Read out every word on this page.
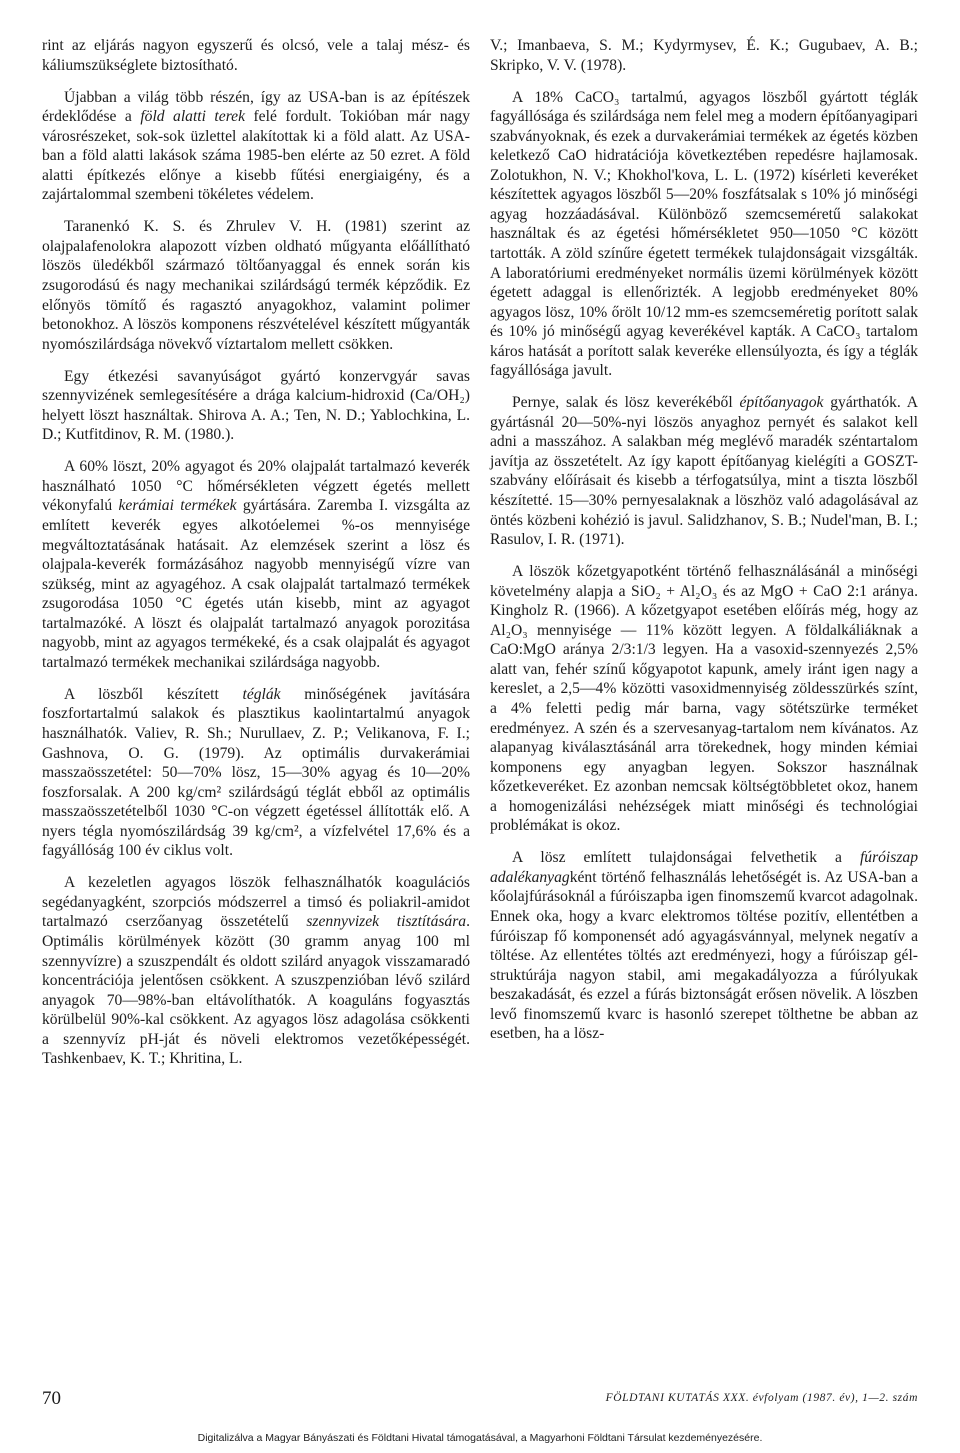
rint az eljárás nagyon egyszerű és olcsó, vele a talaj mész- és káliumszükséglete biztosítható.

Újabban a világ több részén, így az USA-ban is az építészek érdeklődése a föld alatti terek felé fordult. Tokióban már nagy városrészeket, sok-sok üzlettel alakítottak ki a föld alatt. Az USA-ban a föld alatti lakások száma 1985-ben elérte az 50 ezret. A föld alatti építkezés előnye a kisebb fűtési energiaigény, és a zajártalommal szembeni tökéletes védelem.

Taranenkó K. S. és Zhrulev V. H. (1981) szerint az olajpalafenolokra alapozott vízben oldható műgyanta előállítható löszös üledékből származó töltőanyaggal és ennek során kis zsugorodású és nagy mechanikai szilárdságú termék képződik. Ez előnyös tömítő és ragasztó anyagokhoz, valamint polimer betonokhoz. A löszös komponens részvételével készített műgyanták nyomószilárdsága növekvő víztartalom mellett csökken.

Egy étkezési savanyúságot gyártó konzervgyár savas szennyvizének semlegesítésére a drága kalcium-hidroxid (Ca/OH₂) helyett löszt használtak. Shirova A. A.; Ten, N. D.; Yablochkina, L. D.; Kutfitdinov, R. M. (1980.).

A 60% löszt, 20% agyagot és 20% olajpalát tartalmazó keverék használható 1050 °C hőmérsékleten végzett égetés mellett vékonyfalú kerámiai termékek gyártására. Zaremba I. vizsgálta az említett keverék egyes alkotóelemei %-os mennyisége megváltoztatásának hatásait. Az elemzések szerint a lösz és olajpala-keverék formázásához nagyobb mennyiségű vízre van szükség, mint az agyagéhoz. A csak olajpalát tartalmazó termékek zsugorodása 1050 °C égetés után kisebb, mint az agyagot tartalmazóké. A löszt és olajpalát tartalmazó anyagok porozitása nagyobb, mint az agyagos termékeké, és a csak olajpalát és agyagot tartalmazó termékek mechanikai szilárdsága nagyobb.

A löszből készített téglák minőségének javítására foszfortartalmú salakok és plasztikus kaolintartalmú anyagok használhatók. Valiev, R. Sh.; Nurullaev, Z. P.; Velikanova, F. I.; Gashnova, O. G. (1979). Az optimális durvakerámiai masszaösszetétel: 50—70% lösz, 15—30% agyag és 10—20% foszforsalak. A 200 kg/cm² szilárdságú téglát ebből az optimális masszaösszetételből 1030 °C-on végzett égetéssel állították elő. A nyers tégla nyomószilárdság 39 kg/cm², a vízfelvétel 17,6% és a fagyállóság 100 év ciklus volt.

A kezeletlen agyagos löszök felhasználhatók koagulációs segédanyagként, szorpciós módszerrel a timsó és poliakril-amidot tartalmazó cserzőanyag összetételű szennyvizek tisztítására. Optimális körülmények között (30 gramm anyag 100 ml szennyvízre) a szuszpendált és oldott szilárd anyagok visszamaradó koncentrációja jelentősen csökkent. A szuszpenzióban lévő szilárd anyagok 70—98%-ban eltávolíthatók. A koaguláns fogyasztás körülbelül 90%-kal csökkent. Az agyagos lösz adagolása csökkenti a szennyvíz pH-ját és növeli elektromos vezetőképességét. Tashkenbaev, K. T.; Khritina, L.

V.; Imanbaeva, S. M.; Kydyrmysev, É. K.; Gugubaev, A. B.; Skripko, V. V. (1978).

A 18% CaCO₃ tartalmú, agyagos löszből gyártott téglák fagyállósága és szilárdsága nem felel meg a modern építőanyagipari szabványoknak, és ezek a durvakerámiai termékek az égetés közben keletkező CaO hidratációja következtében repedésre hajlamosak. Zolotukhon, N. V.; Khokhol'kova, L. L. (1972) kísérleti keveréket készítettek agyagos löszből 5—20% foszfátsalak s 10% jó minőségi agyag hozzáadásával. Különböző szemcseméretű salakokat használtak és az égetési hőmérsékletet 950—1050 °C között tartották. A zöld színűre égetett termékek tulajdonságait vizsgálták. A laboratóriumi eredményeket normális üzemi körülmények között égetett adaggal is ellenőrizték. A legjobb eredményeket 80% agyagos lösz, 10% őrölt 10/12 mm-es szemcseméretig porított salak és 10% jó minőségű agyag keverékével kapták. A CaCO₃ tartalom káros hatását a porított salak keveréke ellensúlyozta, és így a téglák fagyállósága javult.

Pernye, salak és lösz keverékéből építőanyagok gyárthatók. A gyártásnál 20—50%-nyi löszös anyaghoz pernyét és salakot kell adni a masszához. A salakban még meglévő maradék széntartalom javítja az összetételt. Az így kapott építőanyag kielégíti a GOSZT-szabvány előírásait és kisebb a térfogatsúlya, mint a tiszta löszből készítetté. 15—30% pernyesalaknak a löszhöz való adagolásával az öntés közbeni kohézió is javul. Salidzhanov, S. B.; Nudel'man, B. I.; Rasulov, I. R. (1971).

A löszök kőzetgyapotként történő felhasználásánál a minőségi követelmény alapja a SiO₂ + Al₂O₃ és az MgO + CaO 2:1 aránya. Kingholz R. (1966). A kőzetgyapot esetében előírás még, hogy az Al₂O₃ mennyisége — 11% között legyen. A földalkáliáknak a CaO:MgO aránya 2/3:1/3 legyen. Ha a vasoxid-szennyezés 2,5% alatt van, fehér színű kőgyapotot kapunk, amely iránt igen nagy a kereslet, a 2,5—4% közötti vasoxidmennyiség zöldesszürkés színt, a 4% feletti pedig már barna, vagy sötétszürke terméket eredményez. A szén és a szervesanyag-tartalom nem kívánatos. Az alapanyag kiválasztásánál arra törekednek, hogy minden kémiai komponens egy anyagban legyen. Sokszor használnak kőzetkeveréket. Ez azonban nemcsak költségtöbbletet okoz, hanem a homogenizálási nehézségek miatt minőségi és technológiai problémákat is okoz.

A lösz említett tulajdonságai felvethetik a fúróiszap adalékanyagként történő felhasználás lehetőségét is. Az USA-ban a kőolajfúrásoknál a fúróiszapba igen finomszemű kvarcot adagolnak. Ennek oka, hogy a kvarc elektromos töltése pozitív, ellentétben a fúróiszap fő komponensét adó agyagásvánnyal, melynek negatív a töltése. Az ellentétes töltés azt eredményezi, hogy a fúróiszap gél-struktúrája nagyon stabil, ami megakadályozza a fúrólyukak beszakadását, és ezzel a fúrás biztonságát erősen növelik. A löszben levő finomszemű kvarc is hasonló szerepet tölthetne be abban az esetben, ha a lösz-

70	FÖLDTANI KUTATÁS XXX. évfolyam (1987. év), 1—2. szám
Digitalizálva a Magyar Bányászati és Földtani Hivatal támogatásával, a Magyarhoni Földtani Társulat kezdeményezésére.
